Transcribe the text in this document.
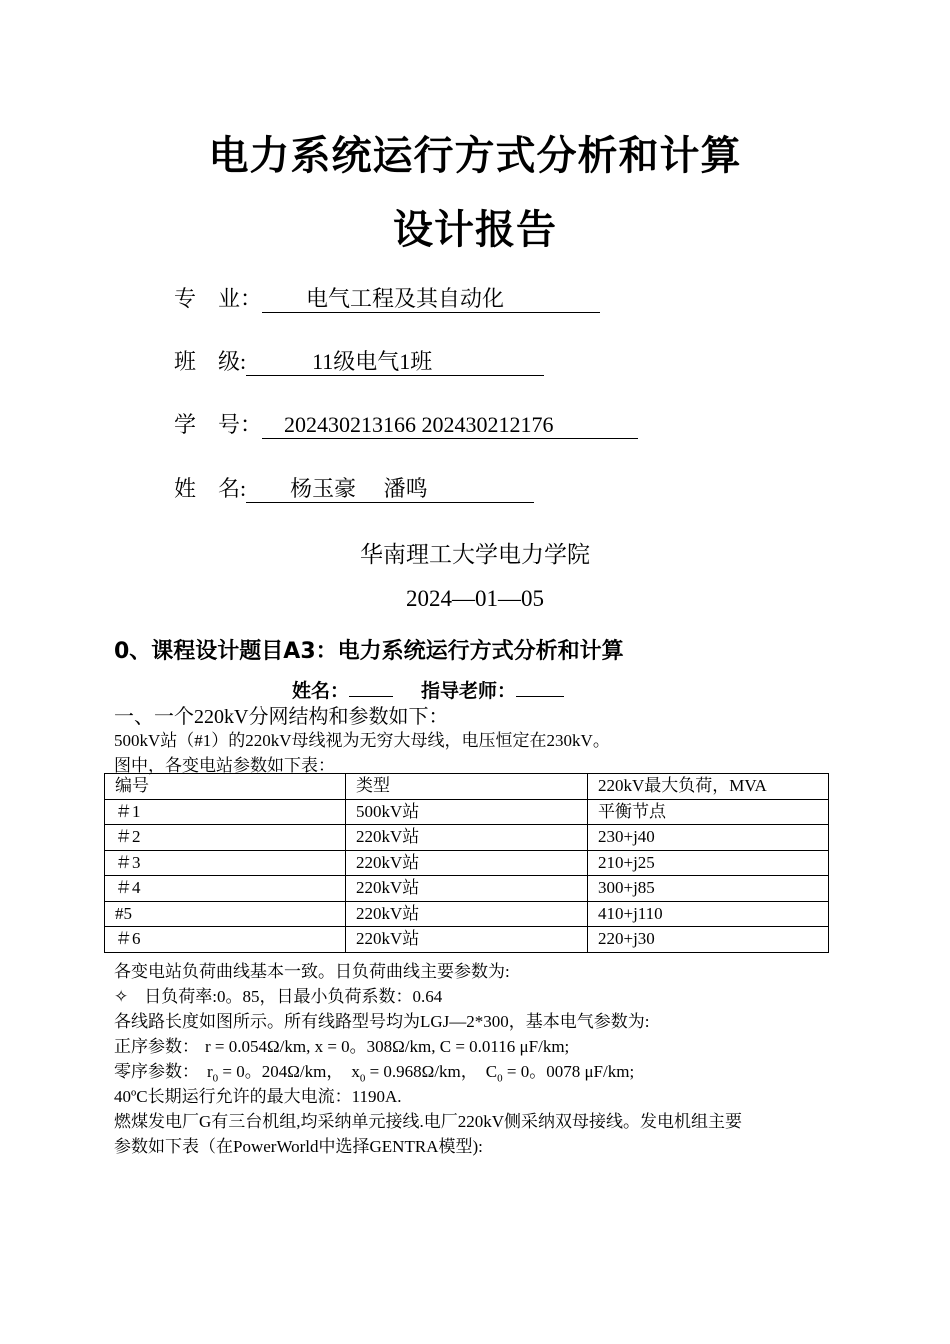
电力系统运行方式分析和计算
设计报告
专　业：　　电气工程及其自动化　　
班　级:　　　11级电气1班　　　
学　号：　202430213166 202430212176　
姓　名:　　杨玉豪　 潘鸣　　　
华南理工大学电力学院
2024—01—05
0、课程设计题目A3：电力系统运行方式分析和计算
姓名：	指导老师：
一、一个220kV分网结构和参数如下：
500kV站（#1）的220kV母线视为无穷大母线，电压恒定在230kV。
图中，各变电站参数如下表：
编号	类型	220kV最大负荷，MVA
＃1	500kV站	平衡节点
＃2	220kV站	230+j40
＃3	220kV站	210+j25
＃4	220kV站	300+j85
#5	220kV站	410+j110
＃6	220kV站	220+j30
各变电站负荷曲线基本一致。日负荷曲线主要参数为:
✧ 日负荷率:0。85，日最小负荷系数：0.64
各线路长度如图所示。所有线路型号均为LGJ—2*300，基本电气参数为:
正序参数： r = 0.054Ω/km, x = 0。308Ω/km, C = 0.0116 μF/km;
零序参数： $r_0 = 0$。204Ω/km， $x_0 = 0.968\Omega/km$， $C_0 = 0$。0078 μF/km;
40ºC长期运行允许的最大电流：1190A.
燃煤发电厂G有三台机组,均采纳单元接线.电厂220kV侧采纳双母接线。发电机组主要
参数如下表（在PowerWorld中选择GENTRA模型):
